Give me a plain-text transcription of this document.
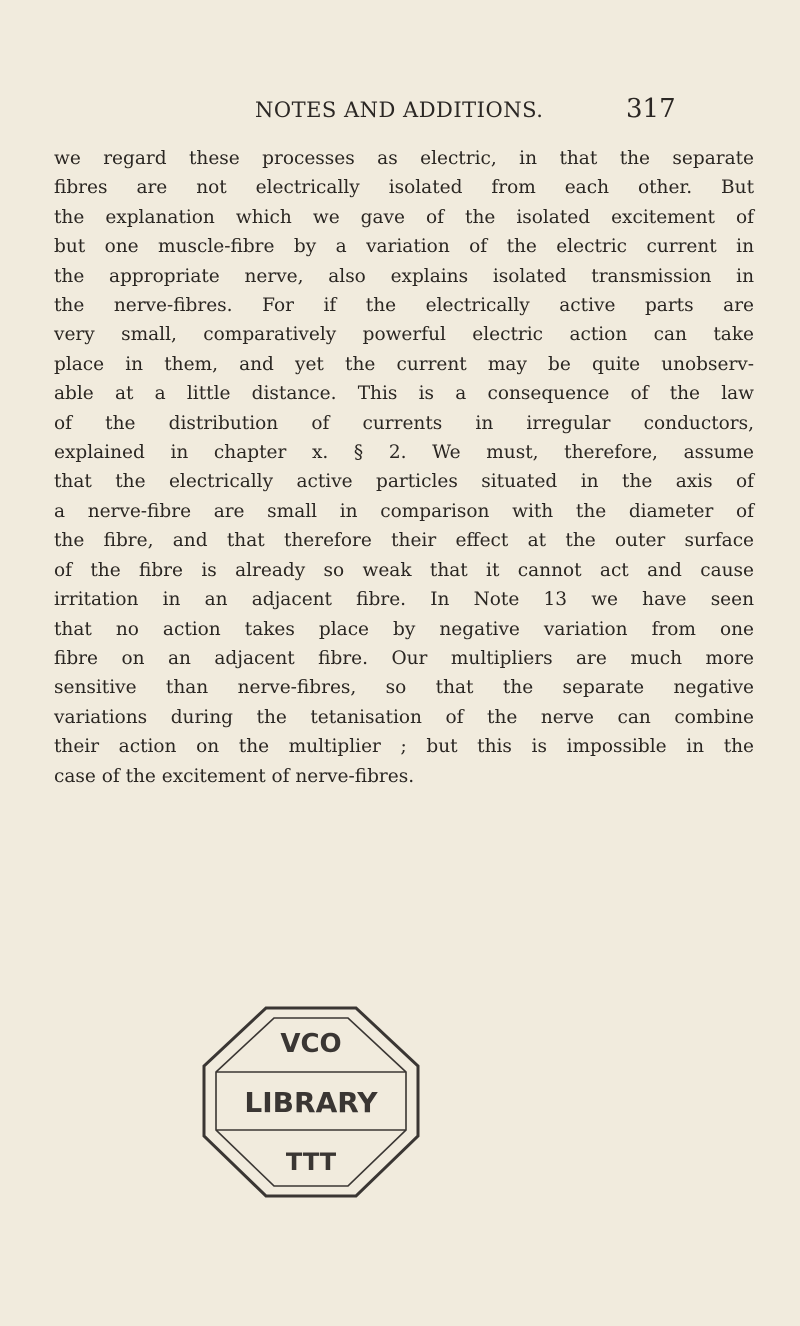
NOTES AND ADDITIONS.	317
we regard these processes as electric, in that the separate
fibres are not electrically isolated from each other. But
the explanation which we gave of the isolated excitement of
but one muscle-fibre by a variation of the electric current in
the appropriate nerve, also explains isolated transmission in
the nerve-fibres. For if the electrically active parts are
very small, comparatively powerful electric action can take
place in them, and yet the current may be quite unobserv-
able at a little distance. This is a consequence of the law
of the distribution of currents in irregular conductors,
explained in chapter x. § 2. We must, therefore, assume
that the electrically active particles situated in the axis of
a nerve-fibre are small in comparison with the diameter of
the fibre, and that therefore their effect at the outer surface
of the fibre is already so weak that it cannot act and cause
irritation in an adjacent fibre. In Note 13 we have seen
that no action takes place by negative variation from one
fibre on an adjacent fibre. Our multipliers are much more
sensitive than nerve-fibres, so that the separate negative
variations during the tetanisation of the nerve can combine
their action on the multiplier ; but this is impossible in the
case of the excitement of nerve-fibres.
VCO
LIBRARY
TTT
